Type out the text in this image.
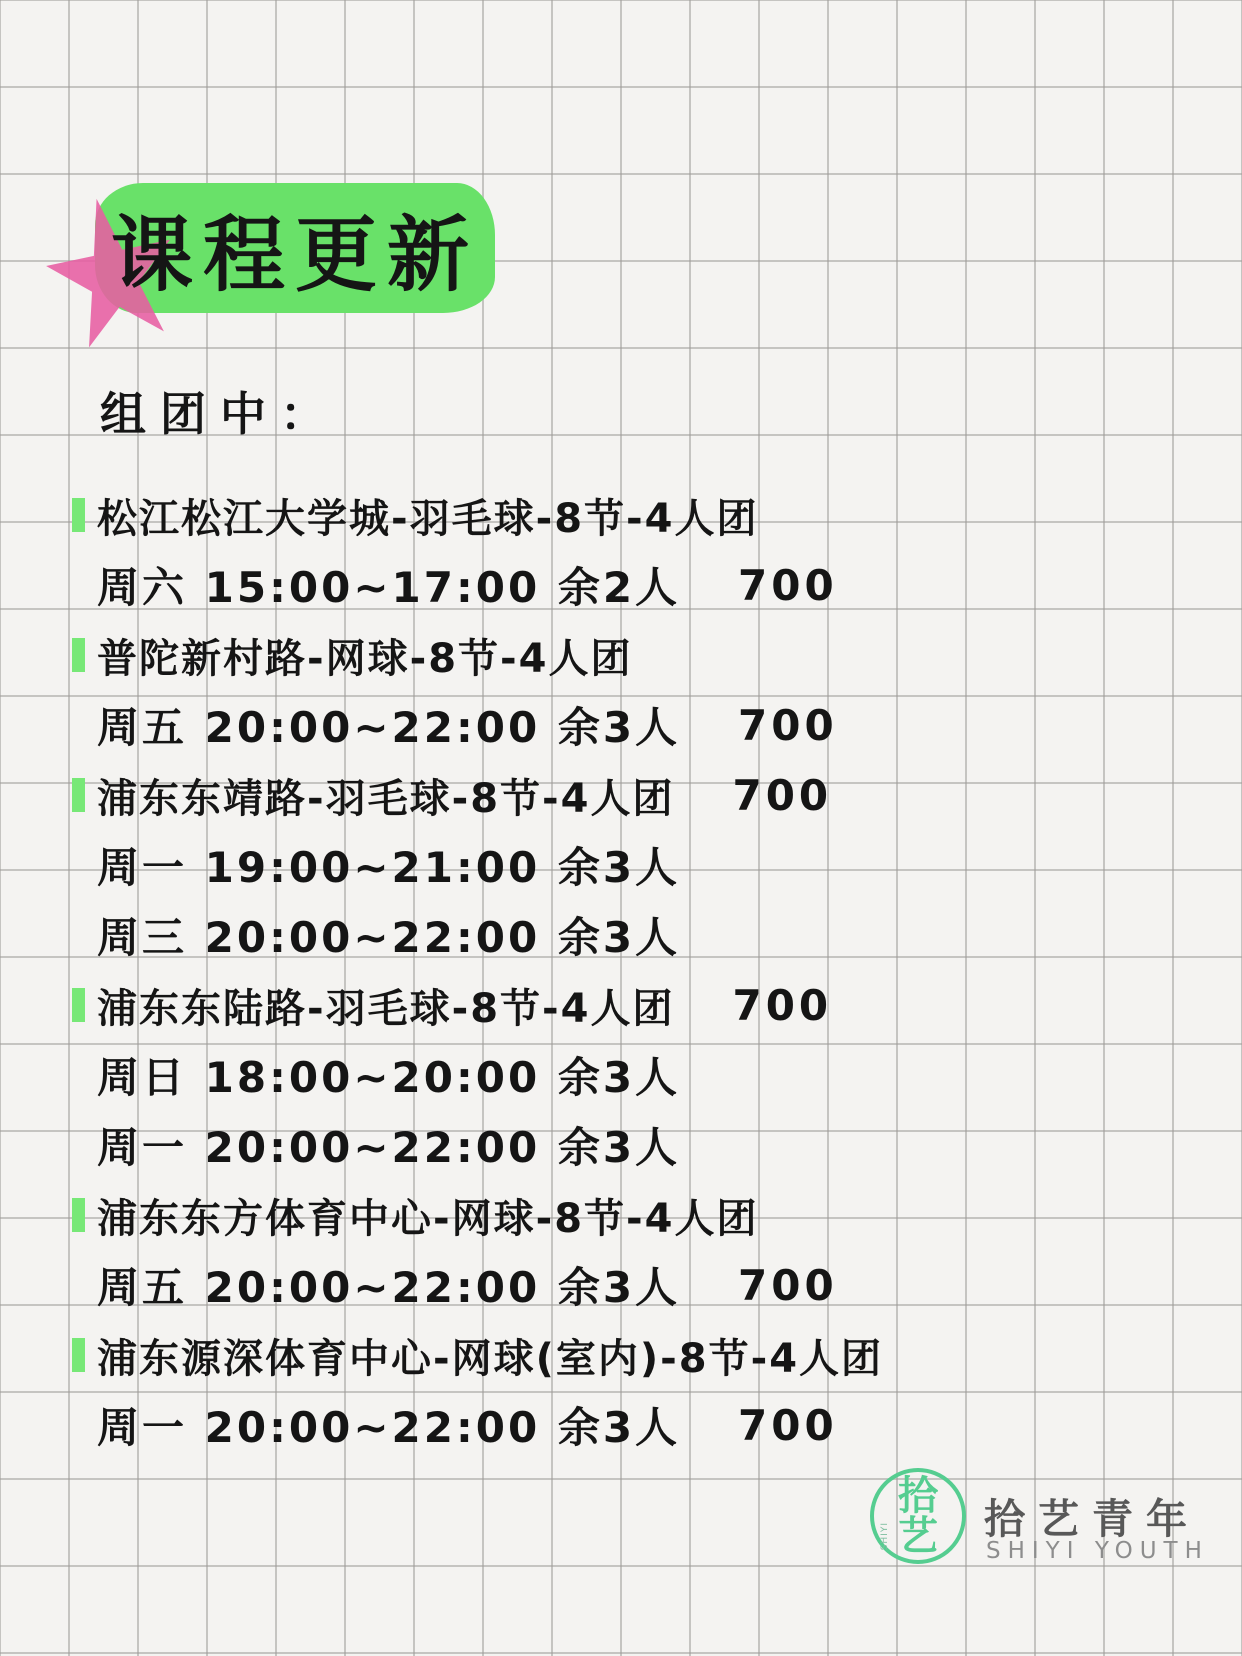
课程更新
组团中：
松江松江大学城-羽毛球-8节-4人团
周六 15:00~17:00 余2人 700
普陀新村路-网球-8节-4人团
周五 20:00~22:00 余3人 700
浦东东靖路-羽毛球-8节-4人团 700
周一 19:00~21:00 余3人
周三 20:00~22:00 余3人
浦东东陆路-羽毛球-8节-4人团 700
周日 18:00~20:00 余3人
周一 20:00~22:00 余3人
浦东东方体育中心-网球-8节-4人团
周五 20:00~22:00 余3人 700
浦东源深体育中心-网球(室内)-8节-4人团
周一 20:00~22:00 余3人 700
SHIYI
拾
艺 拾艺青年
SHIYI YOUTH
